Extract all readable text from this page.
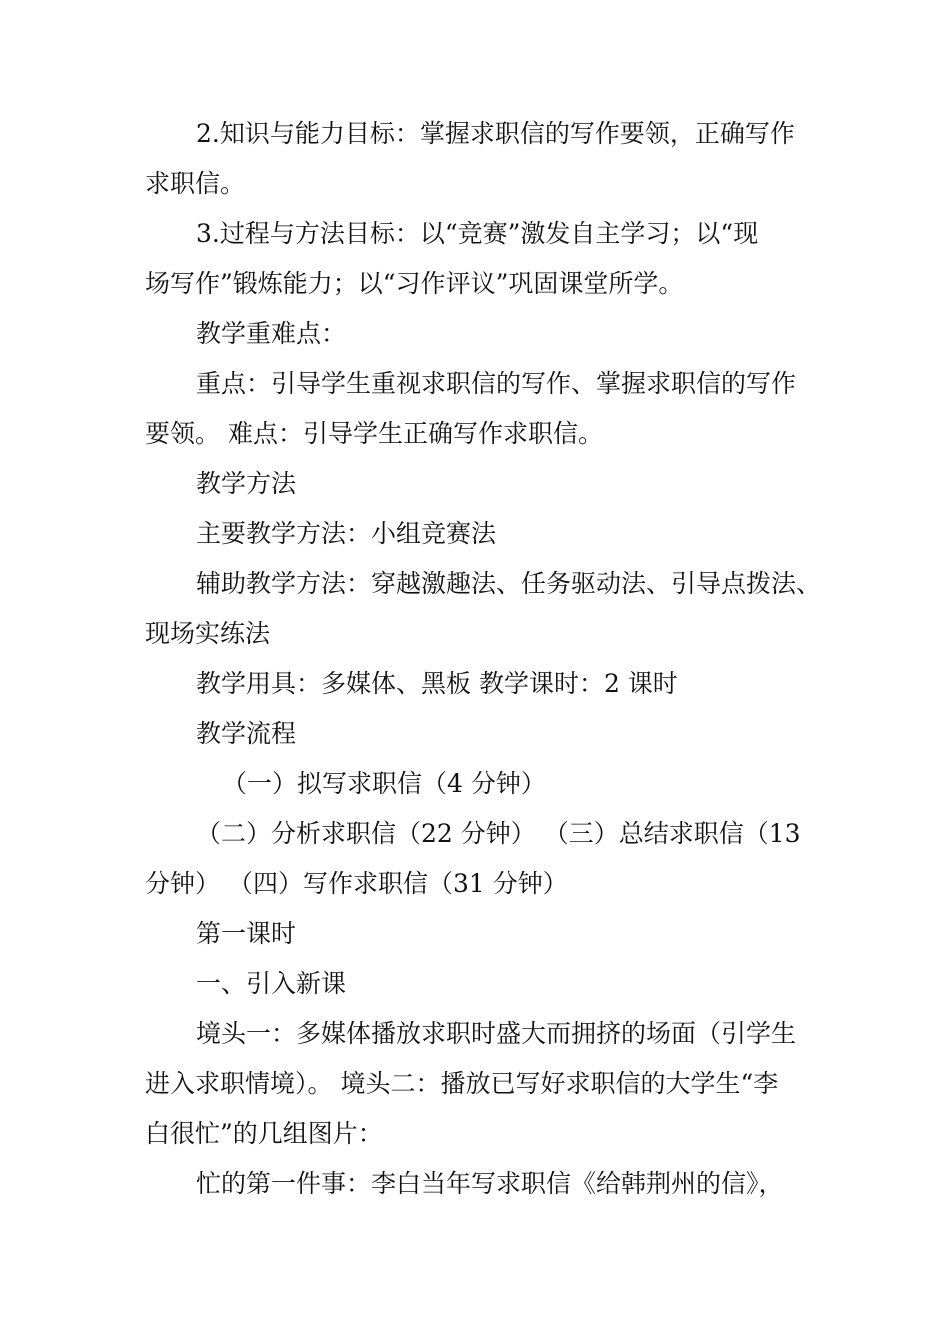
2.知识与能力目标：掌握求职信的写作要领，正确写作
求职信。
3.过程与方法目标：以“竞赛”激发自主学习；以“现
场写作”锻炼能力；以“习作评议”巩固课堂所学。
教学重难点：
重点：引导学生重视求职信的写作、掌握求职信的写作
要领。 难点：引导学生正确写作求职信。
教学方法
主要教学方法：小组竞赛法
辅助教学方法：穿越激趣法、任务驱动法、引导点拨法、
现场实练法
教学用具：多媒体、黑板 教学课时：2 课时
教学流程
（一）拟写求职信（4 分钟）
（二）分析求职信（22 分钟） （三）总结求职信（13
分钟） （四）写作求职信（31 分钟）
第一课时
一、引入新课
境头一：多媒体播放求职时盛大而拥挤的场面（引学生
进入求职情境）。 境头二：播放已写好求职信的大学生“李
白很忙”的几组图片：
忙的第一件事：李白当年写求职信《给韩荆州的信》，
